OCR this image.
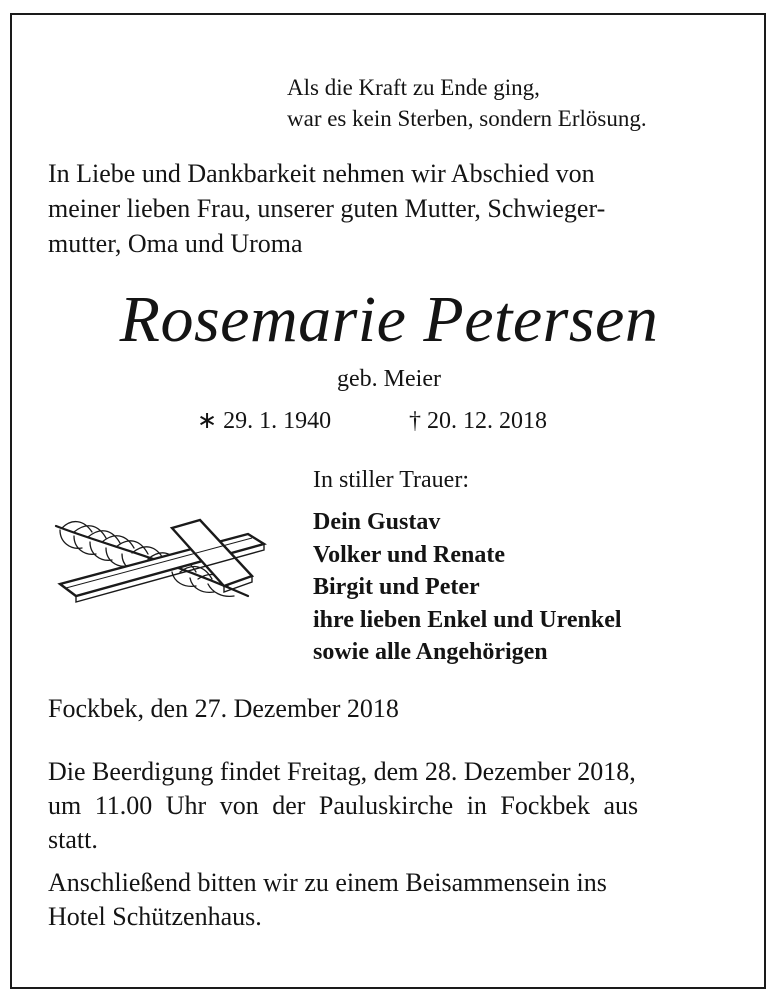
Als die Kraft zu Ende ging,
war es kein Sterben, sondern Erlösung.
In Liebe und Dankbarkeit nehmen wir Abschied von
meiner lieben Frau, unserer guten Mutter, Schwieger-
mutter, Oma und Uroma
Rosemarie Petersen
geb. Meier
∗ 29. 1. 1940	† 20. 12. 2018
In stiller Trauer:
Dein Gustav
Volker und Renate
Birgit und Peter
ihre lieben Enkel und Urenkel
sowie alle Angehörigen
Fockbek, den 27. Dezember 2018
Die Beerdigung findet Freitag, dem 28. Dezember 2018,
um 11.00 Uhr von der Pauluskirche in Fockbek aus
statt.
Anschließend bitten wir zu einem Beisammensein ins
Hotel Schützenhaus.
